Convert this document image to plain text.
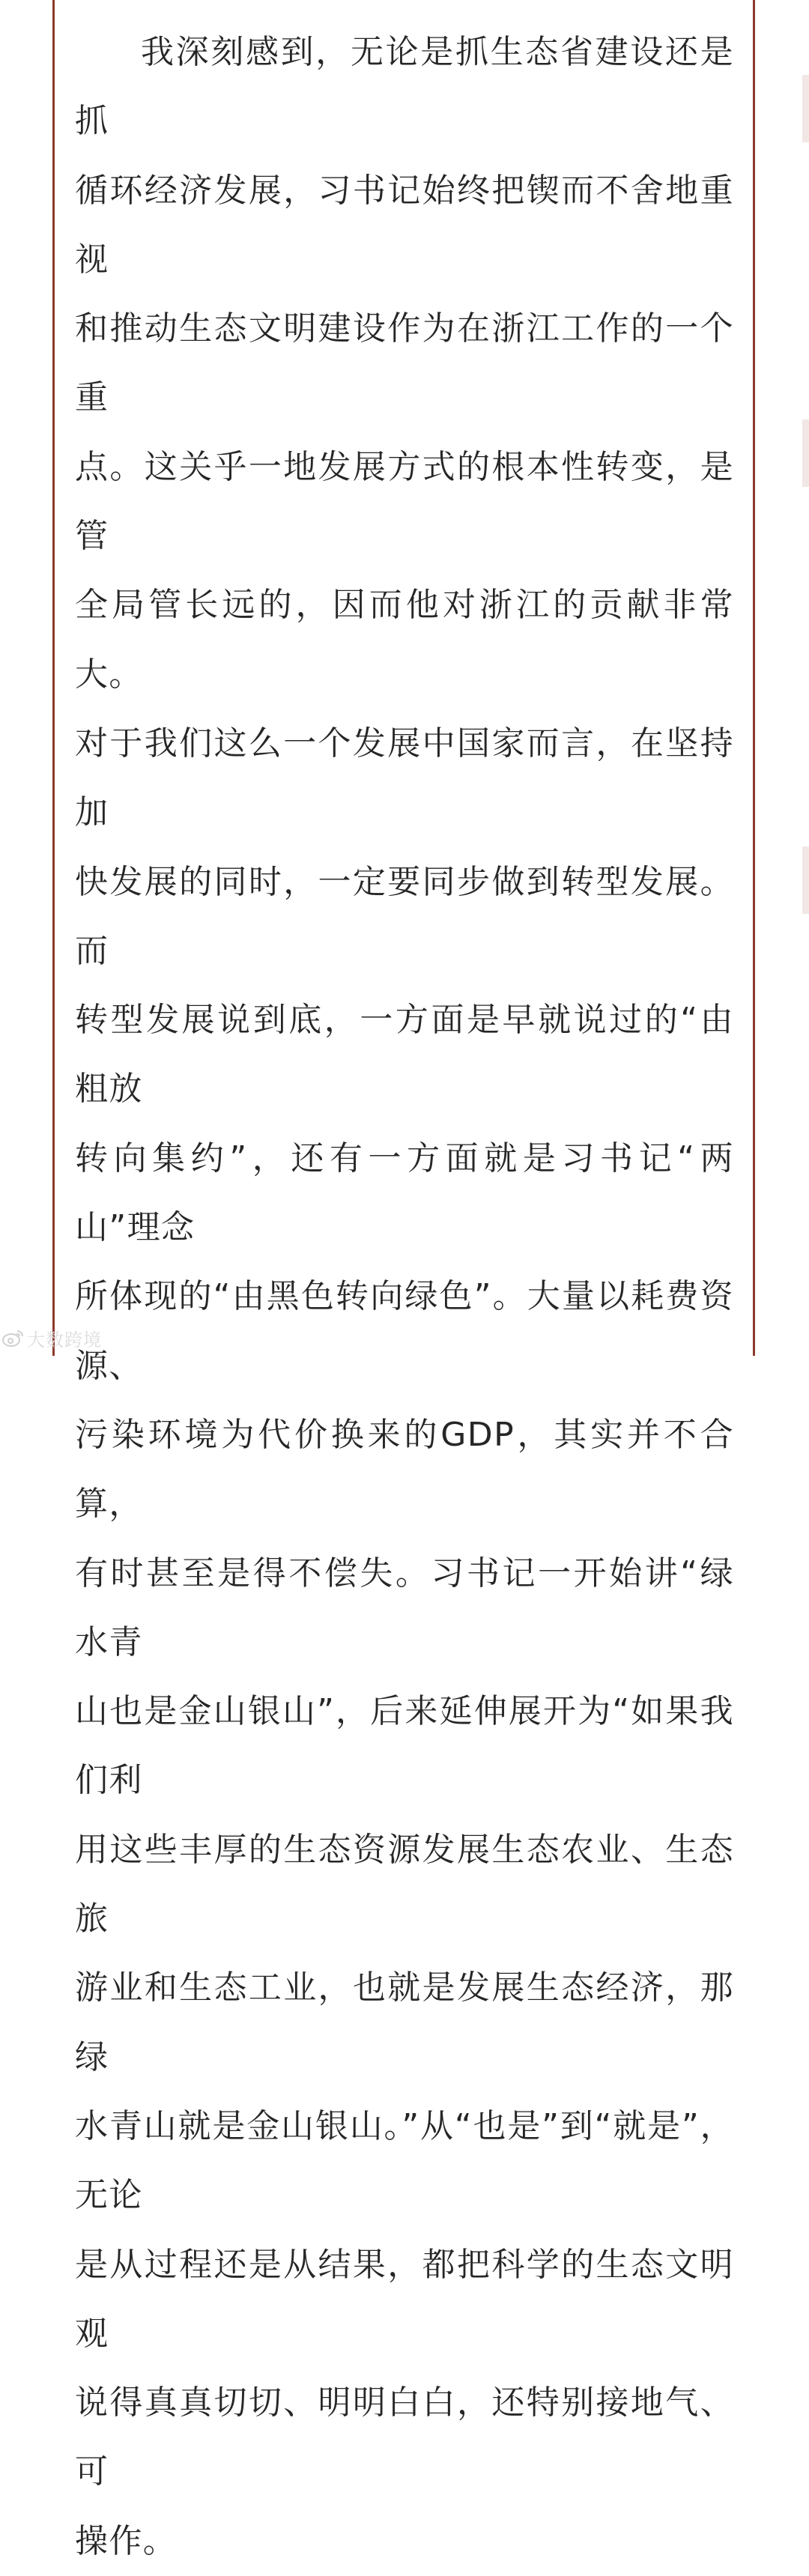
我深刻感到，无论是抓生态省建设还是抓
循环经济发展，习书记始终把锲而不舍地重视
和推动生态文明建设作为在浙江工作的一个重
点。这关乎一地发展方式的根本性转变，是管
全局管长远的，因而他对浙江的贡献非常大。
对于我们这么一个发展中国家而言，在坚持加
快发展的同时，一定要同步做到转型发展。而
转型发展说到底，一方面是早就说过的“由粗放
转向集约”，还有一方面就是习书记“两山”理念
所体现的“由黑色转向绿色”。大量以耗费资源、
污染环境为代价换来的GDP，其实并不合算，
有时甚至是得不偿失。习书记一开始讲“绿水青
山也是金山银山”，后来延伸展开为“如果我们利
用这些丰厚的生态资源发展生态农业、生态旅
游业和生态工业，也就是发展生态经济，那绿
水青山就是金山银山。”从“也是”到“就是”，无论
是从过程还是从结果，都把科学的生态文明观
说得真真切切、明明白白，还特别接地气、可
操作。

大数跨境
